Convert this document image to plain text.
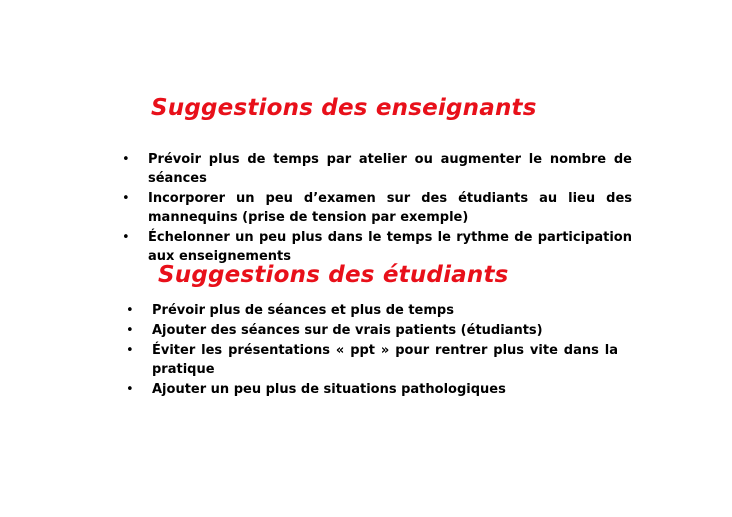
Suggestions des enseignants
• Prévoir plus de temps par atelier ou augmenter le nombre de séances
• Incorporer un peu d’examen sur des étudiants au lieu des mannequins (prise de tension par exemple)
• Échelonner un peu plus dans le temps le rythme de participation aux enseignements
Suggestions des étudiants
• Prévoir plus de séances et plus de temps
• Ajouter des séances sur de vrais patients (étudiants)
• Éviter les présentations « ppt » pour rentrer plus vite dans la pratique
• Ajouter un peu plus de situations pathologiques
